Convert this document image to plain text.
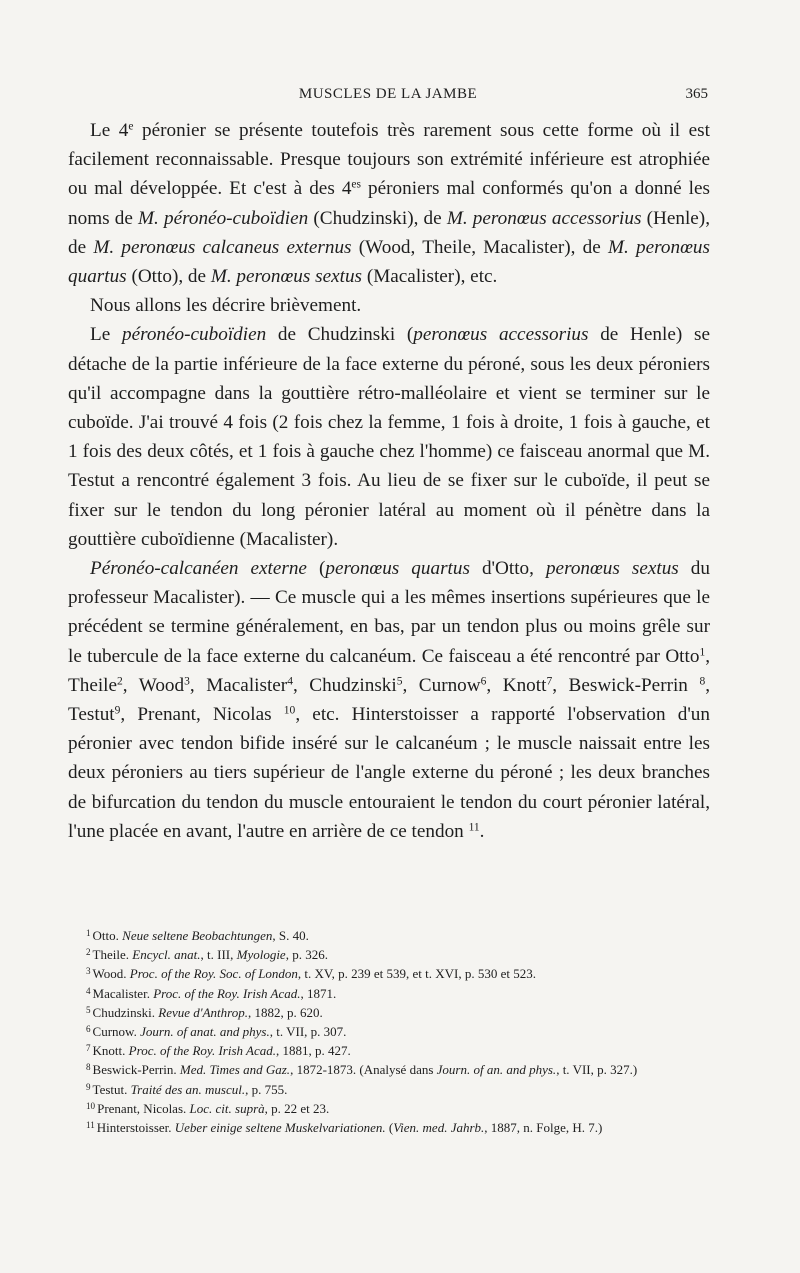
MUSCLES DE LA JAMBE	365

Le 4e péronier se présente toutefois très rarement sous cette forme où il est facilement reconnaissable. Presque toujours son extrémité inférieure est atrophiée ou mal développée. Et c'est à des $4^{es}$ péroniers mal conformés qu'on a donné les noms de M. péronéo-cuboïdien (Chudzinski), de M. peronœus accessorius (Henle), de M. peronœus calcaneus externus (Wood, Theile, Macalister), de M. peronœus quartus (Otto), de M. peronœus sextus (Macalister), etc.

Nous allons les décrire brièvement.

Le péronéo-cuboïdien de Chudzinski (peronœus accessorius de Henle) se détache de la partie inférieure de la face externe du péroné, sous les deux péroniers qu'il accompagne dans la gouttière rétro-malléolaire et vient se terminer sur le cuboïde. J'ai trouvé 4 fois (2 fois chez la femme, 1 fois à droite, 1 fois à gauche, et 1 fois des deux côtés, et 1 fois à gauche chez l'homme) ce faisceau anormal que M. Testut a rencontré également 3 fois. Au lieu de se fixer sur le cuboïde, il peut se fixer sur le tendon du long péronier latéral au moment où il pénètre dans la gouttière cuboïdienne (Macalister).

Péronéo-calcanéen externe (peronœus quartus d'Otto, peronœus sextus du professeur Macalister). — Ce muscle qui a les mêmes insertions supérieures que le précédent se termine généralement, en bas, par un tendon plus ou moins grêle sur le tubercule de la face externe du calcanéum. Ce faisceau a été rencontré par Otto$^1$, Theile$^2$, Wood$^3$, Macalister$^4$, Chudzinski$^5$, Curnow$^6$, Knott$^7$, Beswick-Perrin $^8$, Testut$^9$, Prenant, Nicolas $^{10}$, etc. Hinterstoisser a rapporté l'observation d'un péronier avec tendon bifide inséré sur le calcanéum ; le muscle naissait entre les deux péroniers au tiers supérieur de l'angle externe du péroné ; les deux branches de bifurcation du tendon du muscle entouraient le tendon du court péronier latéral, l'une placée en avant, l'autre en arrière de ce tendon $^{11}$.

$^1$ Otto. Neue seltene Beobachtungen, S. 40.

$^2$ Theile. Encycl. anat., t. III, Myologie, p. 326.

$^3$ Wood. Proc. of the Roy. Soc. of London, t. XV, p. 239 et 539, et t. XVI, p. 530 et 523.

$^4$ Macalister. Proc. of the Roy. Irish Acad., 1871.

$^5$ Chudzinski. Revue d'Anthrop., 1882, p. 620.

$^6$ Curnow. Journ. of anat. and phys., t. VII, p. 307.

$^7$ Knott. Proc. of the Roy. Irish Acad., 1881, p. 427.

$^8$ Beswick-Perrin. Med. Times and Gaz., 1872-1873. (Analysé dans Journ. of an. and phys., t. VII, p. 327.)

$^9$ Testut. Traité des an. muscul., p. 755.

$^{10}$ Prenant, Nicolas. Loc. cit. suprà, p. 22 et 23.

$^{11}$ Hinterstoisser. Ueber einige seltene Muskelvariationen. (Vien. med. Jahrb., 1887, n. Folge, H. 7.)
